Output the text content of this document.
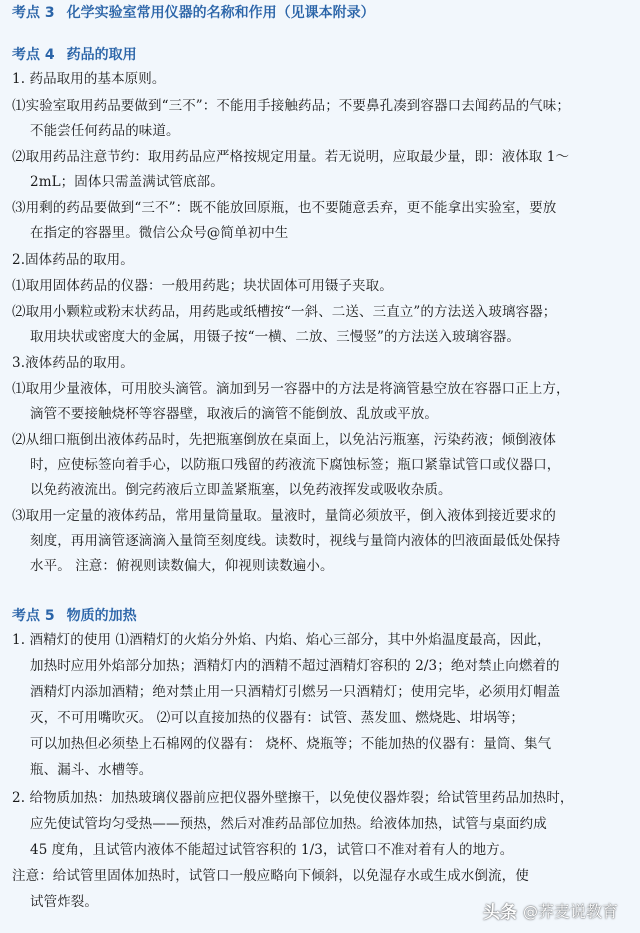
考点 3 化学实验室常用仪器的名称和作用（见课本附录）
考点 4 药品的取用

1. 药品取用的基本原则。

⑴实验室取用药品要做到“三不”：不能用手接触药品；不要鼻孔凑到容器口去闻药品的气味；

不能尝任何药品的味道。

⑵取用药品注意节约：取用药品应严格按规定用量。若无说明，应取最少量，即：液体取 1～

2mL；固体只需盖满试管底部。

⑶用剩的药品要做到“三不”：既不能放回原瓶，也不要随意丢弃，更不能拿出实验室，要放

在指定的容器里。微信公众号@简单初中生

2.固体药品的取用。

⑴取用固体药品的仪器：一般用药匙；块状固体可用镊子夹取。

⑵取用小颗粒或粉末状药品，用药匙或纸槽按“一斜、二送、三直立”的方法送入玻璃容器；

取用块状或密度大的金属，用镊子按“一横、二放、三慢竖”的方法送入玻璃容器。

3.液体药品的取用。

⑴取用少量液体，可用胶头滴管。滴加到另一容器中的方法是将滴管悬空放在容器口正上方，

滴管不要接触烧杯等容器壁，取液后的滴管不能倒放、乱放或平放。

⑵从细口瓶倒出液体药品时，先把瓶塞倒放在桌面上，以免沾污瓶塞，污染药液；倾倒液体

时，应使标签向着手心，以防瓶口残留的药液流下腐蚀标签；瓶口紧靠试管口或仪器口，

以免药液流出。倒完药液后立即盖紧瓶塞，以免药液挥发或吸收杂质。

⑶取用一定量的液体药品，常用量筒量取。量液时，量筒必须放平，倒入液体到接近要求的

刻度，再用滴管逐滴滴入量筒至刻度线。读数时，视线与量筒内液体的凹液面最低处保持

水平。 注意：俯视则读数偏大，仰视则读数遍小。

考点 5 物质的加热

1. 酒精灯的使用 ⑴酒精灯的火焰分外焰、内焰、焰心三部分，其中外焰温度最高，因此，

加热时应用外焰部分加热；酒精灯内的酒精不超过酒精灯容积的 2/3；绝对禁止向燃着的

酒精灯内添加酒精；绝对禁止用一只酒精灯引燃另一只酒精灯；使用完毕，必须用灯帽盖

灭，不可用嘴吹灭。 ⑵可以直接加热的仪器有：试管、蒸发皿、燃烧匙、坩埚等；

可以加热但必须垫上石棉网的仪器有： 烧杯、烧瓶等；不能加热的仪器有：量筒、集气

瓶、漏斗、水槽等。

2. 给物质加热：加热玻璃仪器前应把仪器外壁擦干，以免使仪器炸裂；给试管里药品加热时，

应先使试管均匀受热——预热，然后对准药品部位加热。给液体加热，试管与桌面约成

45 度角，且试管内液体不能超过试管容积的 1/3，试管口不准对着有人的地方。

注意：给试管里固体加热时，试管口一般应略向下倾斜，以免湿存水或生成水倒流，使

试管炸裂。

头条 @荞麦说教育
